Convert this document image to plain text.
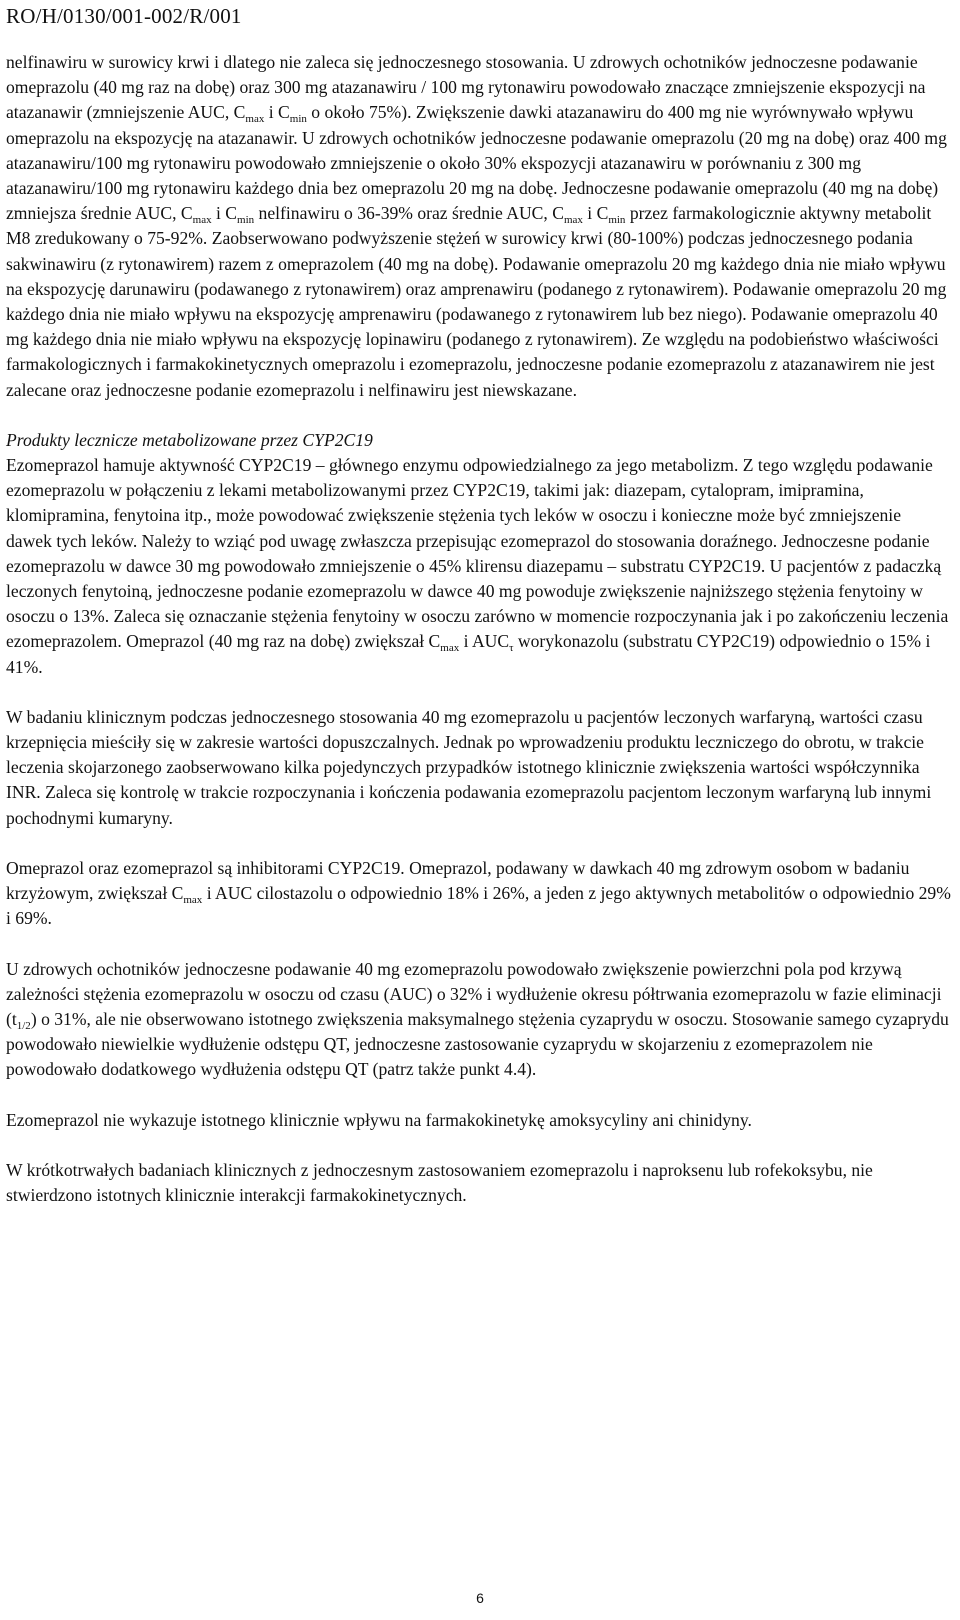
RO/H/0130/001-002/R/001

nelfinawiru w surowicy krwi i dlatego nie zaleca się jednoczesnego stosowania. U zdrowych ochotników jednoczesne podawanie omeprazolu (40 mg raz na dobę) oraz 300 mg atazanawiru / 100 mg rytonawiru powodowało znaczące zmniejszenie ekspozycji na atazanawir (zmniejszenie AUC, $C_{max}$ i $C_{min}$ o około 75%). Zwiększenie dawki atazanawiru do 400 mg nie wyrównywało wpływu omeprazolu na ekspozycję na atazanawir. U zdrowych ochotników jednoczesne podawanie omeprazolu (20 mg na dobę) oraz 400 mg atazanawiru/100 mg rytonawiru powodowało zmniejszenie o około 30% ekspozycji atazanawiru w porównaniu z 300 mg atazanawiru/100 mg rytonawiru każdego dnia bez omeprazolu 20 mg na dobę. Jednoczesne podawanie omeprazolu (40 mg na dobę) zmniejsza średnie AUC, $C_{max}$ i $C_{min}$ nelfinawiru o 36-39% oraz średnie AUC, $C_{max}$ i $C_{min}$ przez farmakologicznie aktywny metabolit M8 zredukowany o 75-92%. Zaobserwowano podwyższenie stężeń w surowicy krwi (80-100%) podczas jednoczesnego podania sakwinawiru (z rytonawirem) razem z omeprazolem (40 mg na dobę). Podawanie omeprazolu 20 mg każdego dnia nie miało wpływu na ekspozycję darunawiru (podawanego z rytonawirem) oraz amprenawiru (podanego z rytonawirem). Podawanie omeprazolu 20 mg każdego dnia nie miało wpływu na ekspozycję amprenawiru (podawanego z rytonawirem lub bez niego). Podawanie omeprazolu 40 mg każdego dnia nie miało wpływu na ekspozycję lopinawiru (podanego z rytonawirem). Ze względu na podobieństwo właściwości farmakologicznych i farmakokinetycznych omeprazolu i ezomeprazolu, jednoczesne podanie ezomeprazolu z atazanawirem nie jest zalecane oraz jednoczesne podanie ezomeprazolu i nelfinawiru jest niewskazane.

Produkty lecznicze metabolizowane przez CYP2C19

Ezomeprazol hamuje aktywność CYP2C19 – głównego enzymu odpowiedzialnego za jego metabolizm. Z tego względu podawanie ezomeprazolu w połączeniu z lekami metabolizowanymi przez CYP2C19, takimi jak: diazepam, cytalopram, imipramina, klomipramina, fenytoina itp., może powodować zwiększenie stężenia tych leków w osoczu i konieczne może być zmniejszenie dawek tych leków. Należy to wziąć pod uwagę zwłaszcza przepisując ezomeprazol do stosowania doraźnego. Jednoczesne podanie ezomeprazolu w dawce 30 mg powodowało zmniejszenie o 45% klirensu diazepamu – substratu CYP2C19. U pacjentów z padaczką leczonych fenytoiną, jednoczesne podanie ezomeprazolu w dawce 40 mg powoduje zwiększenie najniższego stężenia fenytoiny w osoczu o 13%. Zaleca się oznaczanie stężenia fenytoiny w osoczu zarówno w momencie rozpoczynania jak i po zakończeniu leczenia ezomeprazolem. Omeprazol (40 mg raz na dobę) zwiększał $C_{max}$ i $AUC_\tau$ worykonazolu (substratu CYP2C19) odpowiednio o 15% i 41%.

W badaniu klinicznym podczas jednoczesnego stosowania 40 mg ezomeprazolu u pacjentów leczonych warfaryną, wartości czasu krzepnięcia mieściły się w zakresie wartości dopuszczalnych. Jednak po wprowadzeniu produktu leczniczego do obrotu, w trakcie leczenia skojarzonego zaobserwowano kilka pojedynczych przypadków istotnego klinicznie zwiększenia wartości współczynnika INR. Zaleca się kontrolę w trakcie rozpoczynania i kończenia podawania ezomeprazolu pacjentom leczonym warfaryną lub innymi pochodnymi kumaryny.

Omeprazol oraz ezomeprazol są inhibitorami CYP2C19. Omeprazol, podawany w dawkach 40 mg zdrowym osobom w badaniu krzyżowym, zwiększał $C_{max}$ i AUC cilostazolu o odpowiednio 18% i 26%, a jeden z jego aktywnych metabolitów o odpowiednio 29% i 69%.

U zdrowych ochotników jednoczesne podawanie 40 mg ezomeprazolu powodowało zwiększenie powierzchni pola pod krzywą zależności stężenia ezomeprazolu w osoczu od czasu (AUC) o 32% i wydłużenie okresu półtrwania ezomeprazolu w fazie eliminacji $(t_{1/2})$ o 31%, ale nie obserwowano istotnego zwiększenia maksymalnego stężenia cyzaprydu w osoczu. Stosowanie samego cyzaprydu powodowało niewielkie wydłużenie odstępu QT, jednoczesne zastosowanie cyzaprydu w skojarzeniu z ezomeprazolem nie powodowało dodatkowego wydłużenia odstępu QT (patrz także punkt 4.4).

Ezomeprazol nie wykazuje istotnego klinicznie wpływu na farmakokinetykę amoksycyliny ani chinidyny.

W krótkotrwałych badaniach klinicznych z jednoczesnym zastosowaniem ezomeprazolu i naproksenu lub rofekoksybu, nie stwierdzono istotnych klinicznie interakcji farmakokinetycznych.

6
